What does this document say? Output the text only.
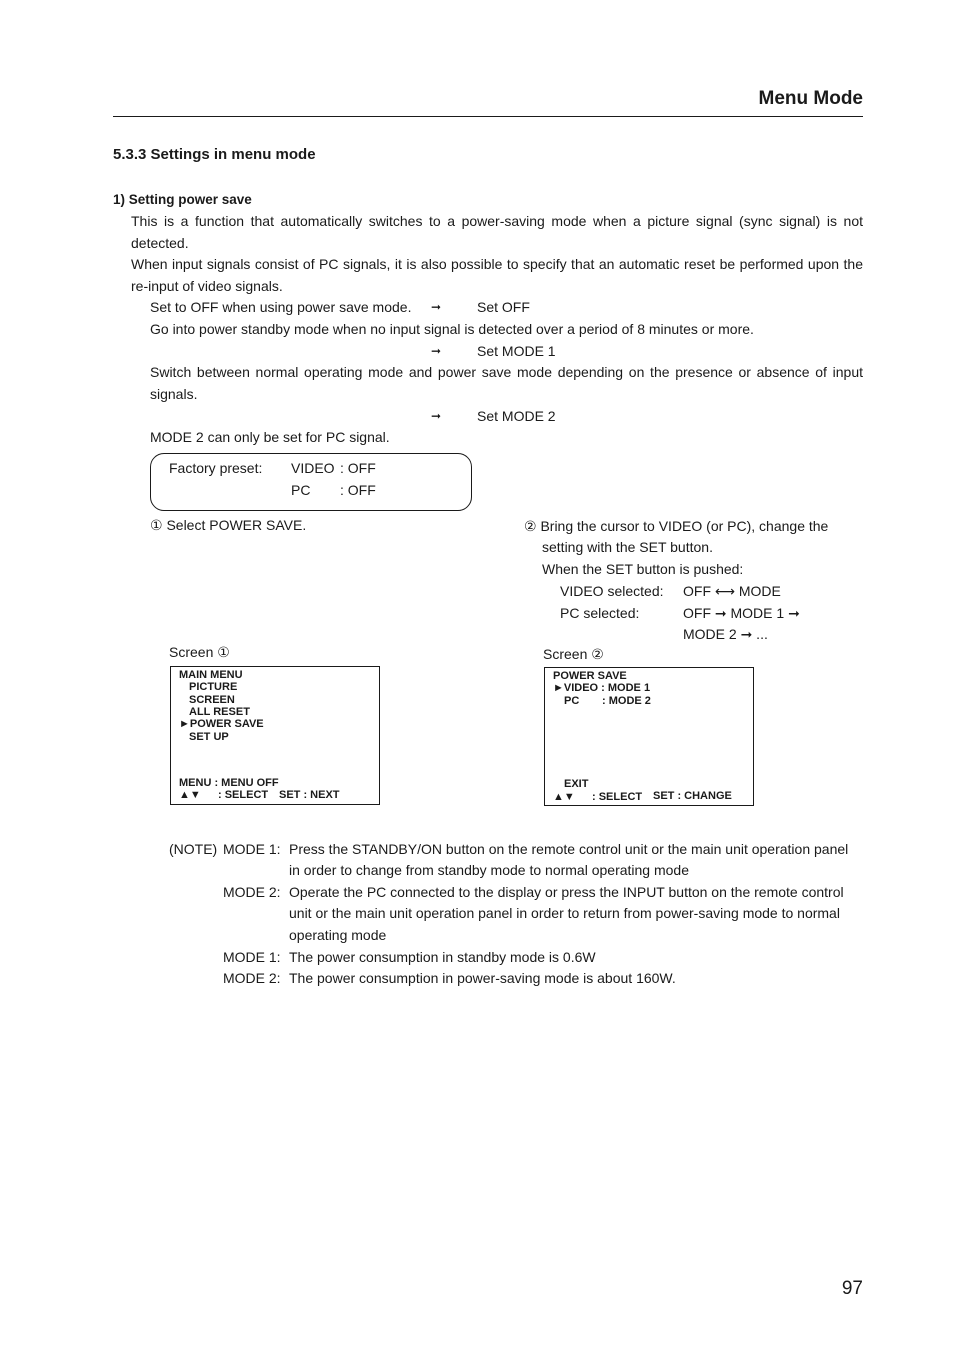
Menu Mode
5.3.3 Settings in menu mode
1) Setting power save
This is a function that automatically switches to a power-saving mode when a picture signal (sync signal) is not detected.
When input signals consist of PC signals, it is also possible to specify that an automatic reset be performed upon the re-input of video signals.
Set to OFF when using power save mode. ➞	Set OFF
Go into power standby mode when no input signal is detected over a period of 8 minutes or more.
➞	Set MODE 1
Switch between normal operating mode and power save mode depending on the presence or absence of input signals.
➞	Set MODE 2
MODE 2 can only be set for PC signal.
Factory preset: VIDEO : OFF
PC : OFF
① Select POWER SAVE.	② Bring the cursor to VIDEO (or PC), change the
setting with the SET button.
When the SET button is pushed:
VIDEO selected: OFF ⟷ MODE
PC selected:	OFF ➞ MODE 1 ➞
MODE 2 ➞ ...
Screen ①
MAIN MENU
PICTURE
SCREEN
ALL RESET
►POWER SAVE
SET UP
MENU : MENU OFF
▲▼ : SELECT SET : NEXT
Screen ②
POWER SAVE
►VIDEO : MODE 1
PC : MODE 2
EXIT
▲▼ : SELECT SET : CHANGE
(NOTE) MODE 1: Press the STANDBY/ON button on the remote control unit or the main unit operation panel
in order to change from standby mode to normal operating mode
MODE 2: Operate the PC connected to the display or press the INPUT button on the remote control
unit or the main unit operation panel in order to return from power-saving mode to normal
operating mode
MODE 1: The power consumption in standby mode is 0.6W
MODE 2: The power consumption in power-saving mode is about 160W.
97
